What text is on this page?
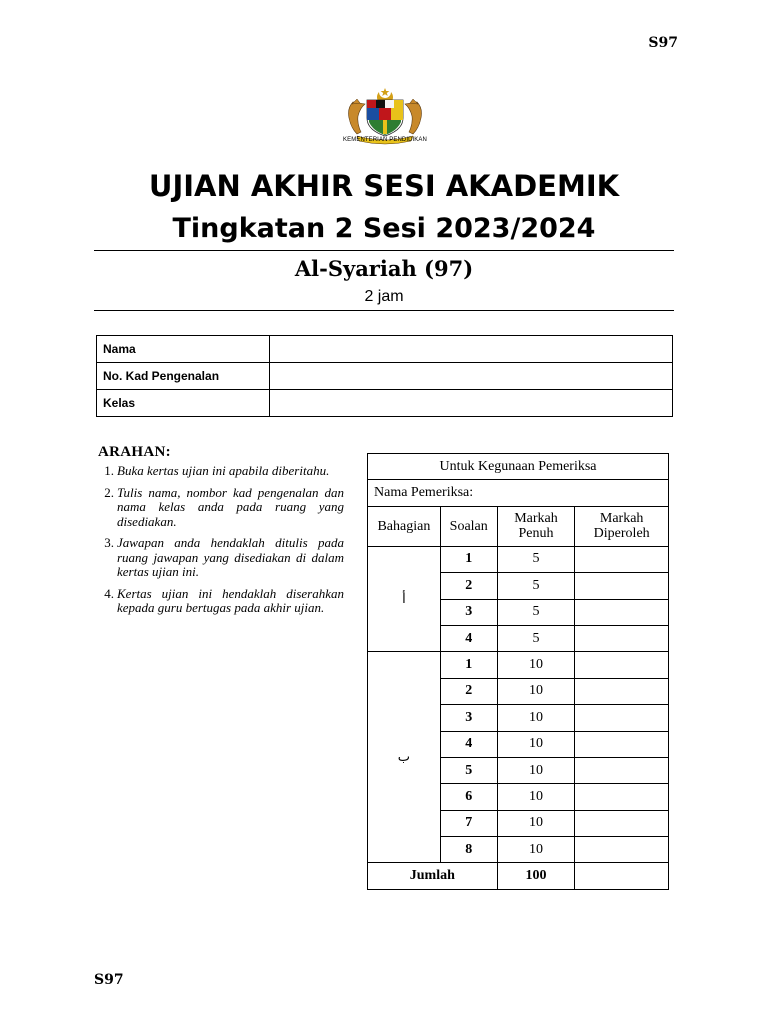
S97
KEMENTERIAN PENDIDIKAN
UJIAN AKHIR SESI AKADEMIK
Tingkatan 2 Sesi 2023/2024
Al-Syariah (97)
2 jam
Nama	
No. Kad Pengenalan	
Kelas	
ARAHAN:
1. Buka kertas ujian ini apabila diberitahu.
2. Tulis nama, nombor kad pengenalan dan nama kelas anda pada ruang yang disediakan.
3. Jawapan anda hendaklah ditulis pada ruang jawapan yang disediakan di dalam kertas ujian ini.
4. Kertas ujian ini hendaklah diserahkan kepada guru bertugas pada akhir ujian.
Untuk Kegunaan Pemeriksa			
Nama Pemeriksa:			
Bahagian	Soalan	Markah Penuh	Markah Diperoleh
أ	1	5	
	2	5	
	3	5	
	4	5	
ب	1	10	
	2	10	
	3	10	
	4	10	
	5	10	
	6	10	
	7	10	
	8	10	
Jumlah		100	
S97
